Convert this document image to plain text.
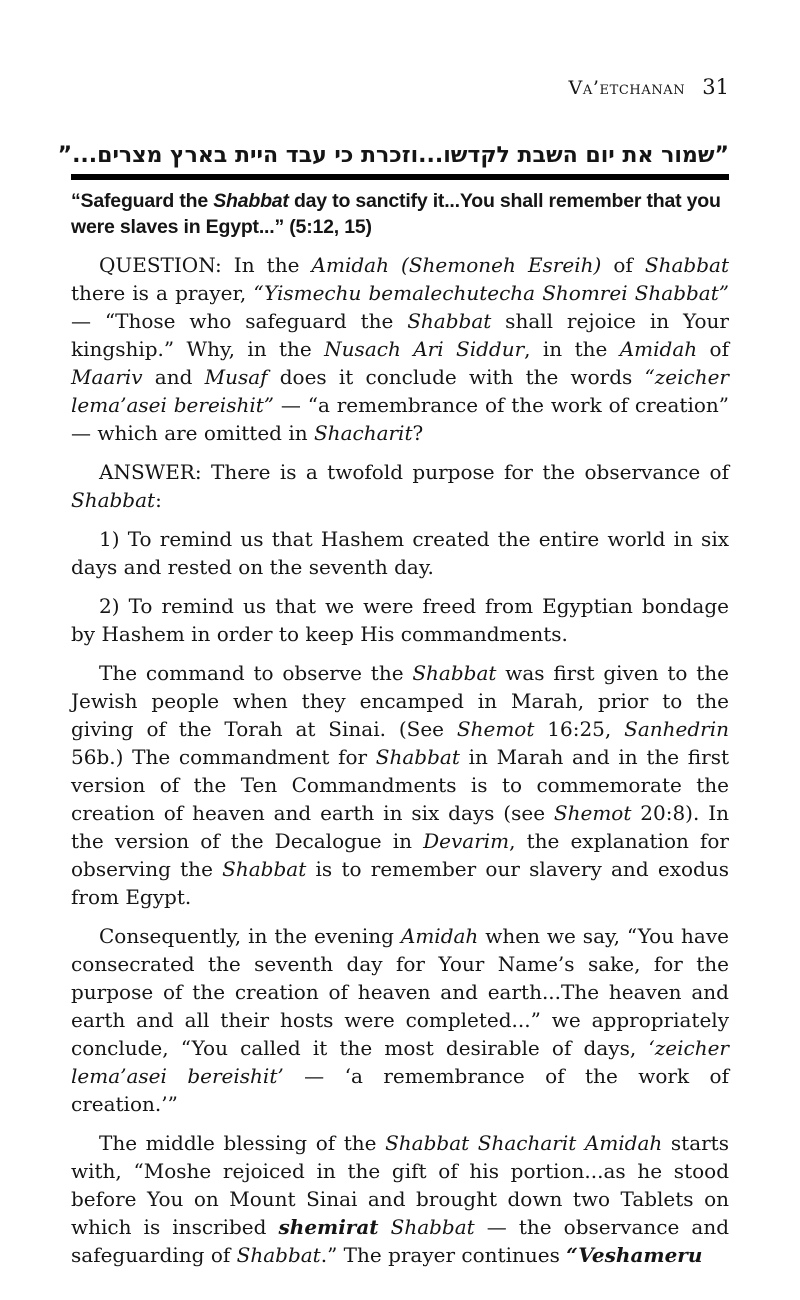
Va’etchanan 31
”שמור את יום השבת לקדשו...וזכרת כי עבד היית בארץ מצרים...”
“Safeguard the Shabbat day to sanctify it...You shall remember that you were slaves in Egypt...” (5:12, 15)

QUESTION: In the Amidah (Shemoneh Esreih) of Shabbat there is a prayer, “Yismechu bemalechutecha Shomrei Shabbat” — “Those who safeguard the Shabbat shall rejoice in Your kingship.” Why, in the Nusach Ari Siddur, in the Amidah of Maariv and Musaf does it conclude with the words “zeicher lema’asei bereishit” — “a remembrance of the work of creation” — which are omitted in Shacharit?

ANSWER: There is a twofold purpose for the observance of Shabbat:

1) To remind us that Hashem created the entire world in six days and rested on the seventh day.

2) To remind us that we were freed from Egyptian bondage by Hashem in order to keep His commandments.

The command to observe the Shabbat was first given to the Jewish people when they encamped in Marah, prior to the giving of the Torah at Sinai. (See Shemot 16:25, Sanhedrin 56b.) The commandment for Shabbat in Marah and in the first version of the Ten Commandments is to commemorate the creation of heaven and earth in six days (see Shemot 20:8). In the version of the Decalogue in Devarim, the explanation for observing the Shabbat is to remember our slavery and exodus from Egypt.

Consequently, in the evening Amidah when we say, “You have consecrated the seventh day for Your Name’s sake, for the purpose of the creation of heaven and earth...The heaven and earth and all their hosts were completed...” we appropriately conclude, “You called it the most desirable of days, ‘zeicher lema’asei bereishit’ — ‘a remembrance of the work of creation.’”

The middle blessing of the Shabbat Shacharit Amidah starts with, “Moshe rejoiced in the gift of his portion...as he stood before You on Mount Sinai and brought down two Tablets on which is inscribed shemirat Shabbat — the observance and safeguarding of Shabbat.” The prayer continues “Veshameru
